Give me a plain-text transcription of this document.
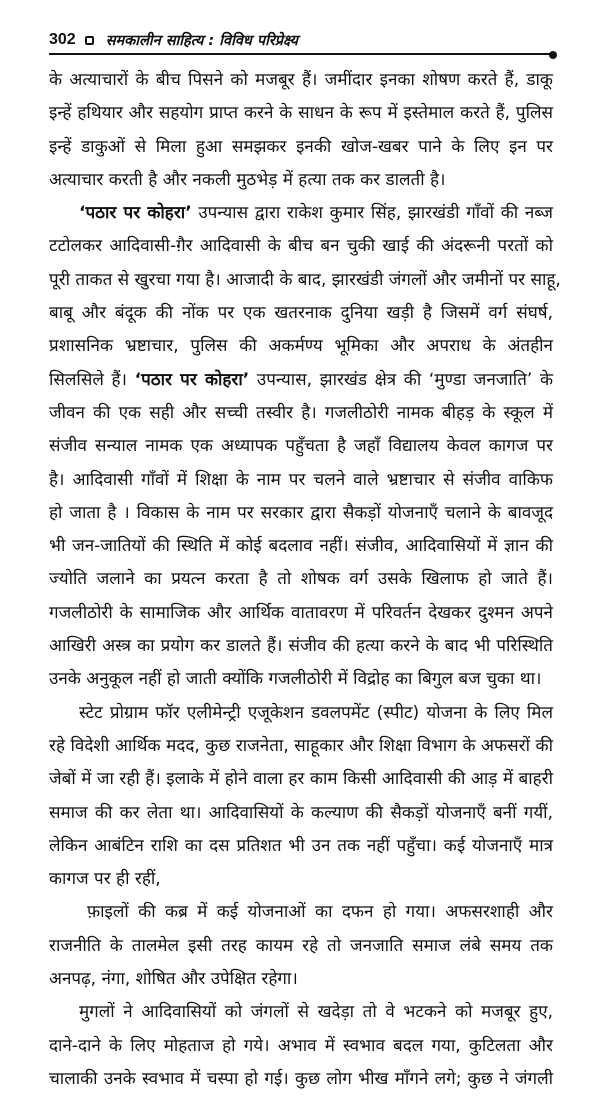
302 समकालीन साहित्य : विविध परिप्रेक्ष्य
के अत्याचारों के बीच पिसने को मजबूर हैं। जमींदार इनका शोषण करते हैं, डाकू
इन्हें हथियार और सहयोग प्राप्त करने के साधन के रूप में इस्तेमाल करते हैं, पुलिस
इन्हें डाकुओं से मिला हुआ समझकर इनकी खोज-खबर पाने के लिए इन पर
अत्याचार करती है और नकली मुठभेड़ में हत्या तक कर डालती है।
‘पठार पर कोहरा’ उपन्यास द्वारा राकेश कुमार सिंह, झारखंडी गाँवों की नब्ज
टटोलकर आदिवासी-ग़ैर आदिवासी के बीच बन चुकी खाई की अंदरूनी परतों को
पूरी ताकत से खुरचा गया है। आजादी के बाद, झारखंडी जंगलों और जमीनों पर साहू,
बाबू और बंदूक की नोंक पर एक खतरनाक दुनिया खड़ी है जिसमें वर्ग संघर्ष,
प्रशासनिक भ्रष्टाचार, पुलिस की अकर्मण्य भूमिका और अपराध के अंतहीन
सिलसिले हैं। ‘पठार पर कोहरा’ उपन्यास, झारखंड क्षेत्र की ‘मुण्डा जनजाति’ के
जीवन की एक सही और सच्ची तस्वीर है। गजलीठोरी नामक बीहड़ के स्कूल में
संजीव सन्याल नामक एक अध्यापक पहुँचता है जहाँ विद्यालय केवल कागज पर
है। आदिवासी गाँवों में शिक्षा के नाम पर चलने वाले भ्रष्टाचार से संजीव वाकिफ
हो जाता है । विकास के नाम पर सरकार द्वारा सैकड़ों योजनाएँ चलाने के बावजूद
भी जन-जातियों की स्थिति में कोई बदलाव नहीं। संजीव, आदिवासियों में ज्ञान की
ज्योति जलाने का प्रयत्न करता है तो शोषक वर्ग उसके खिलाफ हो जाते हैं।
गजलीठोरी के सामाजिक और आर्थिक वातावरण में परिवर्तन देखकर दुश्मन अपने
आखिरी अस्त्र का प्रयोग कर डालते हैं। संजीव की हत्या करने के बाद भी परिस्थिति
उनके अनुकूल नहीं हो जाती क्योंकि गजलीठोरी में विद्रोह का बिगुल बज चुका था।
स्टेट प्रोग्राम फॉर एलीमेन्ट्री एजूकेशन डवलपमेंट (स्पीट) योजना के लिए मिल
रहे विदेशी आर्थिक मदद, कुछ राजनेता, साहूकार और शिक्षा विभाग के अफसरों की
जेबों में जा रही हैं। इलाके में होने वाला हर काम किसी आदिवासी की आड़ में बाहरी
समाज की कर लेता था। आदिवासियों के कल्याण की सैकड़ों योजनाएँ बनीं गयीं,
लेकिन आबंटिन राशि का दस प्रतिशत भी उन तक नहीं पहुँचा। कई योजनाएँ मात्र
कागज पर ही रहीं,
फ़ाइलों की कब्र में कई योजनाओं का दफन हो गया। अफसरशाही और
राजनीति के तालमेल इसी तरह कायम रहे तो जनजाति समाज लंबे समय तक
अनपढ़, नंगा, शोषित और उपेक्षित रहेगा।
मुगलों ने आदिवासियों को जंगलों से खदेड़ा तो वे भटकने को मजबूर हुए,
दाने-दाने के लिए मोहताज हो गये। अभाव में स्वभाव बदल गया, कुटिलता और
चालाकी उनके स्वभाव में चस्पा हो गई। कुछ लोग भीख माँगने लगे; कुछ ने जंगली
